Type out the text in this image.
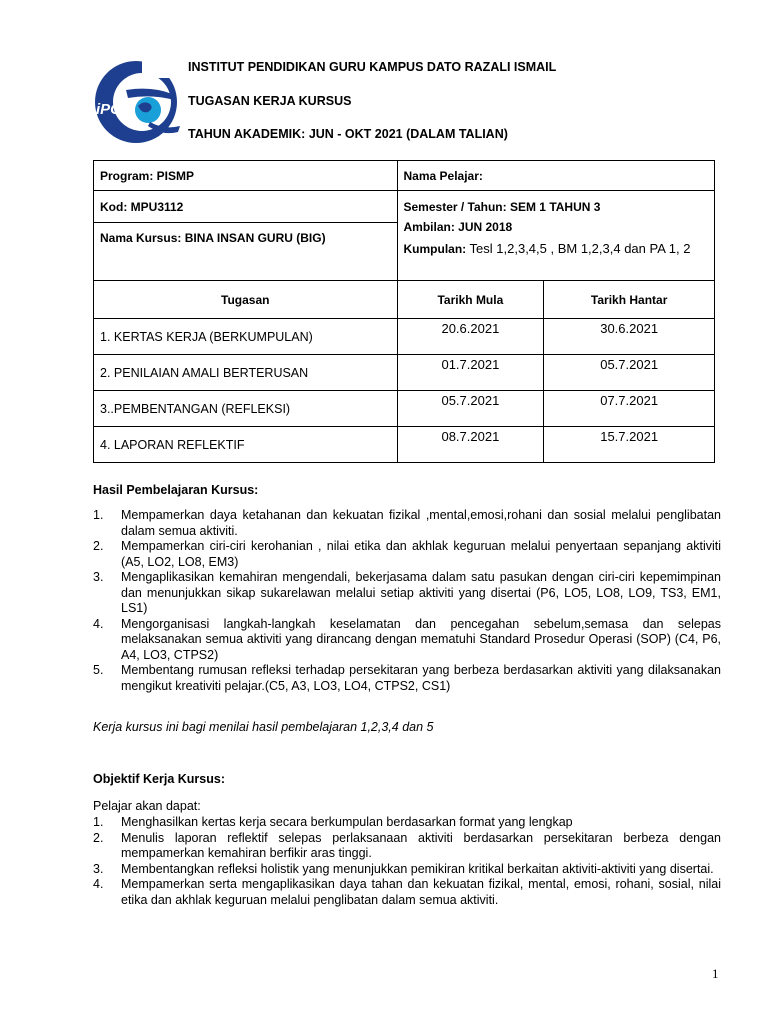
iPG
INSTITUT PENDIDIKAN GURU KAMPUS DATO RAZALI ISMAIL
TUGASAN KERJA KURSUS
TAHUN AKADEMIK: JUN - OKT 2021 (DALAM TALIAN)
Program: PISMP	Nama Pelajar:	
Kod: MPU3112	Semester / Tahun: SEM 1 TAHUN 3
Ambilan: JUN 2018
Kumpulan: Tesl 1,2,3,4,5 , BM 1,2,3,4 dan PA 1, 2	

Nama Kursus: BINA INSAN GURU (BIG)		
Tugasan	Tarikh Mula	Tarikh Hantar
1. KERTAS KERJA (BERKUMPULAN)	20.6.2021	30.6.2021
2. PENILAIAN AMALI BERTERUSAN	01.7.2021	05.7.2021
3..PEMBENTANGAN (REFLEKSI)	05.7.2021	07.7.2021
4. LAPORAN REFLEKTIF	08.7.2021	15.7.2021
Hasil Pembelajaran Kursus:
1. Mempamerkan daya ketahanan dan kekuatan fizikal ,mental,emosi,rohani dan sosial melalui penglibatan dalam semua aktiviti.
2. Mempamerkan ciri-ciri kerohanian , nilai etika dan akhlak keguruan melalui penyertaan sepanjang aktiviti (A5, LO2, LO8, EM3)
3. Mengaplikasikan kemahiran mengendali, bekerjasama dalam satu pasukan dengan ciri-ciri kepemimpinan dan menunjukkan sikap sukarelawan melalui setiap aktiviti yang disertai (P6, LO5, LO8, LO9, TS3, EM1, LS1)
4. Mengorganisasi langkah-langkah keselamatan dan pencegahan sebelum,semasa dan selepas melaksanakan semua aktiviti yang dirancang dengan mematuhi Standard Prosedur Operasi (SOP) (C4, P6, A4, LO3, CTPS2)
5. Membentang rumusan refleksi terhadap persekitaran yang berbeza berdasarkan aktiviti yang dilaksanakan mengikut kreativiti pelajar.(C5, A3, LO3, LO4, CTPS2, CS1)
Kerja kursus ini bagi menilai hasil pembelajaran 1,2,3,4 dan 5
Objektif Kerja Kursus:
Pelajar akan dapat:
1. Menghasilkan kertas kerja secara berkumpulan berdasarkan format yang lengkap
2. Menulis laporan reflektif selepas perlaksanaan aktiviti berdasarkan persekitaran berbeza dengan mempamerkan kemahiran berfikir aras tinggi.
3. Membentangkan refleksi holistik yang menunjukkan pemikiran kritikal berkaitan aktiviti-aktiviti yang disertai.
4. Mempamerkan serta mengaplikasikan daya tahan dan kekuatan fizikal, mental, emosi, rohani, sosial, nilai etika dan akhlak keguruan melalui penglibatan dalam semua aktiviti.
1
